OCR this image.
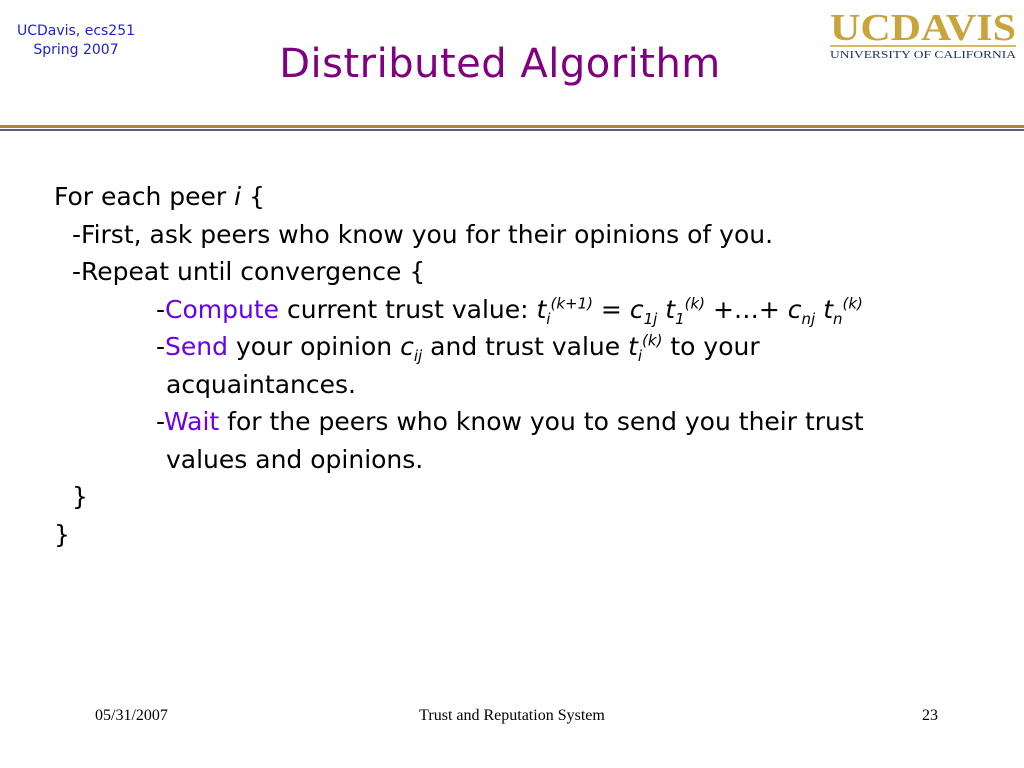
UCDavis, ecs251
Spring 2007	Distributed Algorithm
UCDAVIS
UNIVERSITY OF CALIFORNIA
For each peer i {
-First, ask peers who know you for their opinions of you.
-Repeat until convergence {
-Compute current trust value: $t_i^{(k+1)} = c_{1j}$ $t_1^{(k)}$ +…+ $c_{nj}$ $t_n^{(k)}$
-Send your opinion $c_{ij}$ and trust value $t_i^{(k)}$ to your
acquaintances.
-Wait for the peers who know you to send you their trust
values and opinions.
}
}
05/31/2007	Trust and Reputation System	23
